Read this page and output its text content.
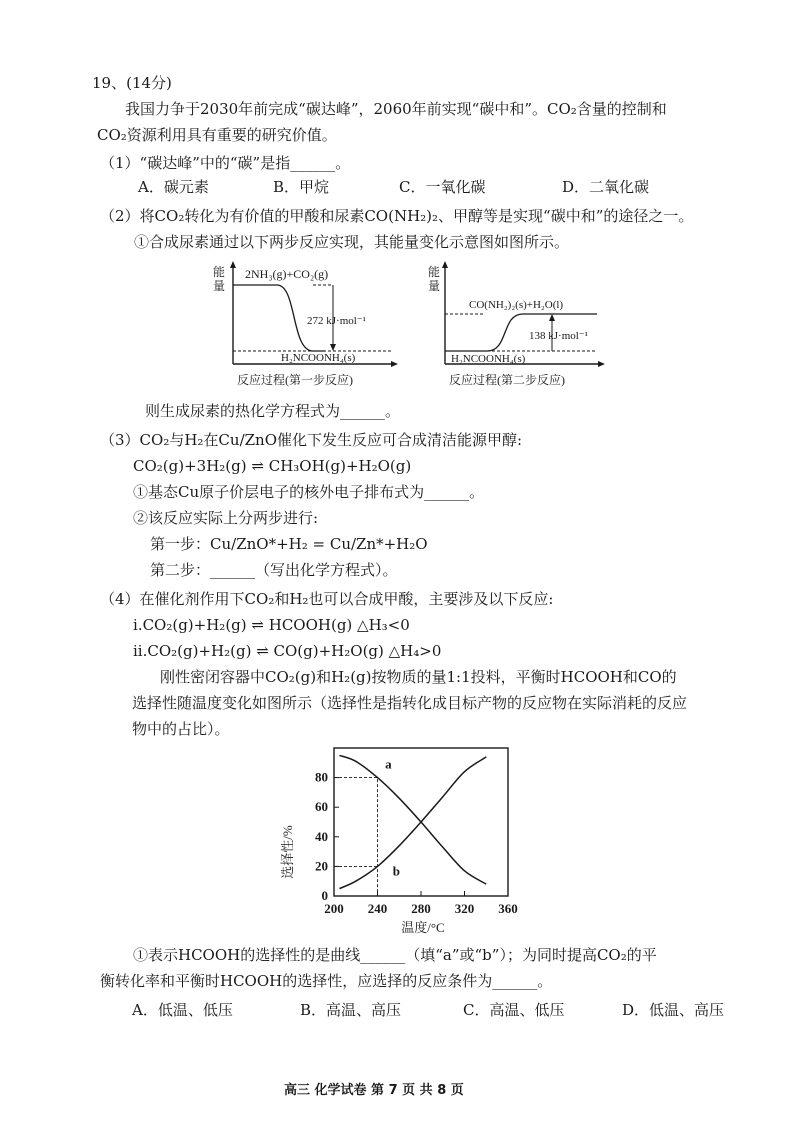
19、(14分)
我国力争于2030年前完成“碳达峰”，2060年前实现“碳中和”。CO₂含量的控制和
CO₂资源利用具有重要的研究价值。
（1）“碳达峰”中的“碳”是指______。
A．碳元素	B．甲烷	C．一氧化碳	D．二氧化碳
（2）将CO₂转化为有价值的甲酸和尿素CO(NH₂)₂、甲醇等是实现“碳中和”的途径之一。
①合成尿素通过以下两步反应实现，其能量变化示意图如图所示。
能
量
2NH₃(g)+CO₂(g)
272 kJ·mol⁻¹
H₂NCOONH₄(s)
反应过程(第一步反应)
能
量
CO(NH₂)₂(s)+H₂O(l)
138 kJ·mol⁻¹
H₂NCOONH₄(s)
反应过程(第二步反应)
则生成尿素的热化学方程式为______。
（3）CO₂与H₂在Cu/ZnO催化下发生反应可合成清洁能源甲醇:
CO₂(g)+3H₂(g) ⇌ CH₃OH(g)+H₂O(g)
①基态Cu原子价层电子的核外电子排布式为______。
②该反应实际上分两步进行:
第一步：Cu/ZnO*+H₂ = Cu/Zn*+H₂O
第二步：______（写出化学方程式）。
（4）在催化剂作用下CO₂和H₂也可以合成甲酸，主要涉及以下反应:
i.CO₂(g)+H₂(g) ⇌ HCOOH(g) △H₃<0
ii.CO₂(g)+H₂(g) ⇌ CO(g)+H₂O(g) △H₄>0
刚性密闭容器中CO₂(g)和H₂(g)按物质的量1:1投料，平衡时HCOOH和CO的
选择性随温度变化如图所示（选择性是指转化成目标产物的反应物在实际消耗的反应
物中的占比）。
选择性/%
温度/°C
200 240 280 320 360
0
20
40
60
80
a
b
①表示HCOOH的选择性的是曲线______（填“a”或“b”）；为同时提高CO₂的平
衡转化率和平衡时HCOOH的选择性，应选择的反应条件为______。
A．低温、低压	B．高温、高压	C．高温、低压	D．低温、高压
高三 化学试卷 第 7 页 共 8 页
